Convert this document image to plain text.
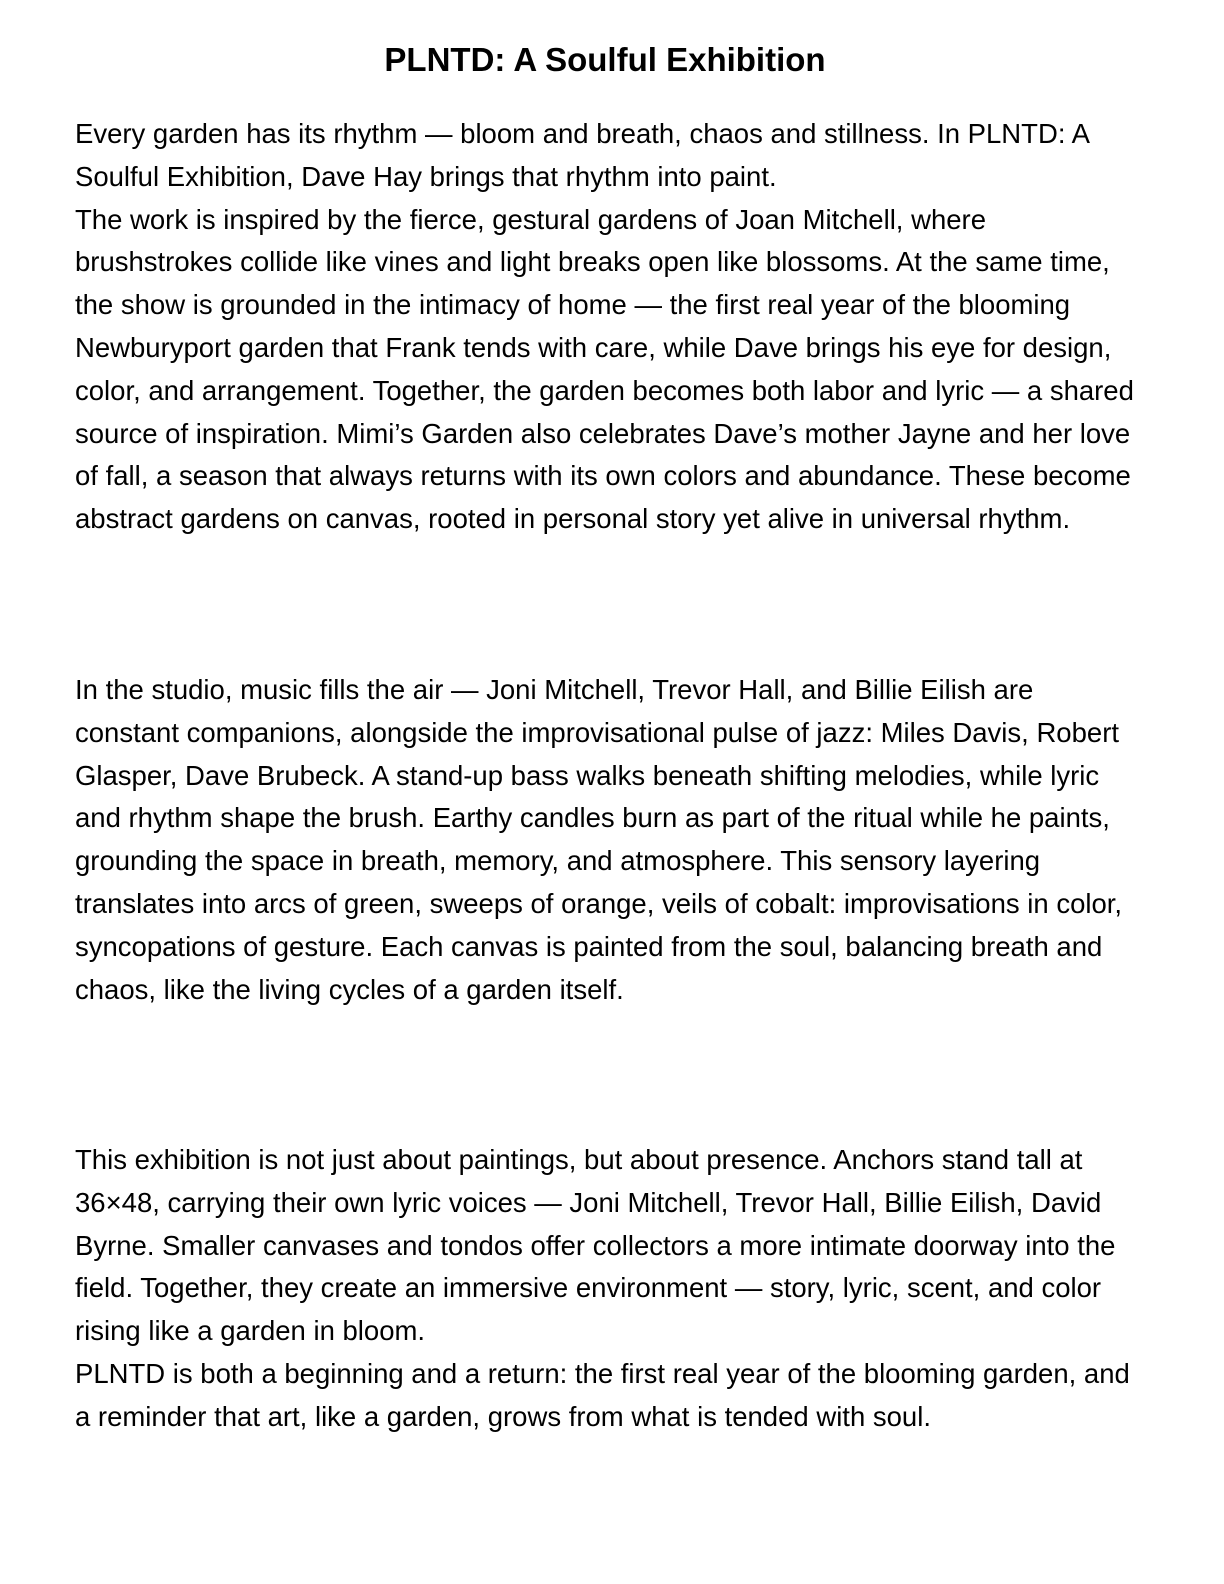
PLNTD: A Soulful Exhibition

Every garden has its rhythm — bloom and breath, chaos and stillness. In PLNTD: A Soulful Exhibition, Dave Hay brings that rhythm into paint.

The work is inspired by the fierce, gestural gardens of Joan Mitchell, where brushstrokes collide like vines and light breaks open like blossoms. At the same time, the show is grounded in the intimacy of home — the first real year of the blooming Newburyport garden that Frank tends with care, while Dave brings his eye for design, color, and arrangement. Together, the garden becomes both labor and lyric — a shared source of inspiration. Mimi’s Garden also celebrates Dave’s mother Jayne and her love of fall, a season that always returns with its own colors and abundance. These become abstract gardens on canvas, rooted in personal story yet alive in universal rhythm.

In the studio, music fills the air — Joni Mitchell, Trevor Hall, and Billie Eilish are constant companions, alongside the improvisational pulse of jazz: Miles Davis, Robert Glasper, Dave Brubeck. A stand-up bass walks beneath shifting melodies, while lyric and rhythm shape the brush. Earthy candles burn as part of the ritual while he paints, grounding the space in breath, memory, and atmosphere. This sensory layering translates into arcs of green, sweeps of orange, veils of cobalt: improvisations in color, syncopations of gesture. Each canvas is painted from the soul, balancing breath and chaos, like the living cycles of a garden itself.

This exhibition is not just about paintings, but about presence. Anchors stand tall at 36×48, carrying their own lyric voices — Joni Mitchell, Trevor Hall, Billie Eilish, David Byrne. Smaller canvases and tondos offer collectors a more intimate doorway into the field. Together, they create an immersive environment — story, lyric, scent, and color rising like a garden in bloom.

PLNTD is both a beginning and a return: the first real year of the blooming garden, and a reminder that art, like a garden, grows from what is tended with soul.
